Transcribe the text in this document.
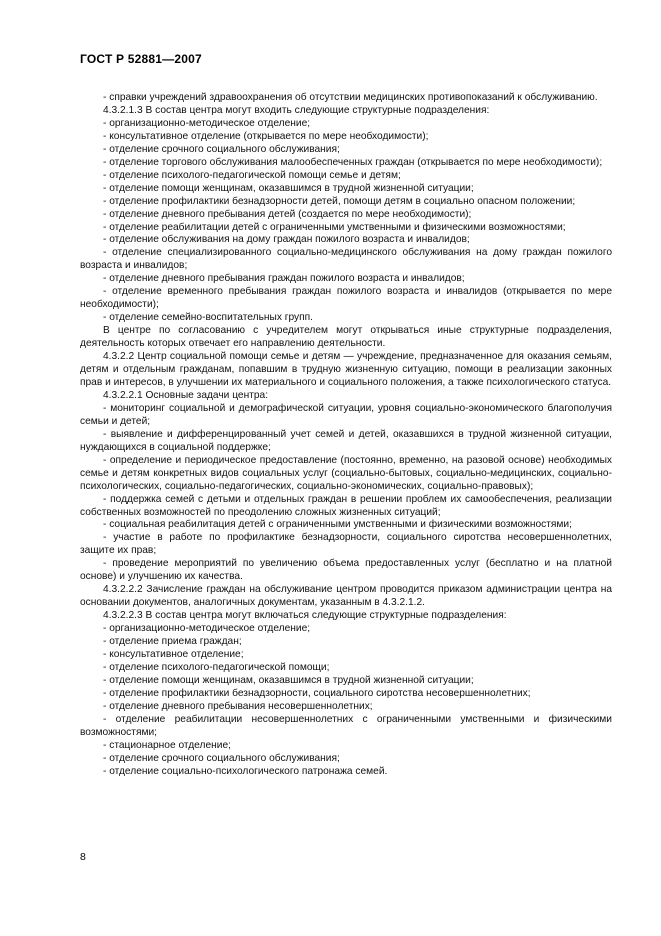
ГОСТ Р 52881—2007

- справки учреждений здравоохранения об отсутствии медицинских противопоказаний к обслуживанию.

4.3.2.1.3 В состав центра могут входить следующие структурные подразделения:

- организационно-методическое отделение;

- консультативное отделение (открывается по мере необходимости);

- отделение срочного социального обслуживания;

- отделение торгового обслуживания малообеспеченных граждан (открывается по мере необходимости);

- отделение психолого-педагогической помощи семье и детям;

- отделение помощи женщинам, оказавшимся в трудной жизненной ситуации;

- отделение профилактики безнадзорности детей, помощи детям в социально опасном положении;

- отделение дневного пребывания детей (создается по мере необходимости);

- отделение реабилитации детей с ограниченными умственными и физическими возможностями;

- отделение обслуживания на дому граждан пожилого возраста и инвалидов;

- отделение специализированного социально-медицинского обслуживания на дому граждан пожилого возраста и инвалидов;

- отделение дневного пребывания граждан пожилого возраста и инвалидов;

- отделение временного пребывания граждан пожилого возраста и инвалидов (открывается по мере необходимости);

- отделение семейно-воспитательных групп.

В центре по согласованию с учредителем могут открываться иные структурные подразделения, деятельность которых отвечает его направлению деятельности.

4.3.2.2 Центр социальной помощи семье и детям — учреждение, предназначенное для оказания семьям, детям и отдельным гражданам, попавшим в трудную жизненную ситуацию, помощи в реализации законных прав и интересов, в улучшении их материального и социального положения, а также психологического статуса.

4.3.2.2.1 Основные задачи центра:

- мониторинг социальной и демографической ситуации, уровня социально-экономического благополучия семьи и детей;

- выявление и дифференцированный учет семей и детей, оказавшихся в трудной жизненной ситуации, нуждающихся в социальной поддержке;

- определение и периодическое предоставление (постоянно, временно, на разовой основе) необходимых семье и детям конкретных видов социальных услуг (социально-бытовых, социально-медицинских, социально-психологических, социально-педагогических, социально-экономических, социально-правовых);

- поддержка семей с детьми и отдельных граждан в решении проблем их самообеспечения, реализации собственных возможностей по преодолению сложных жизненных ситуаций;

- социальная реабилитация детей с ограниченными умственными и физическими возможностями;

- участие в работе по профилактике безнадзорности, социального сиротства несовершеннолетних, защите их прав;

- проведение мероприятий по увеличению объема предоставленных услуг (бесплатно и на платной основе) и улучшению их качества.

4.3.2.2.2 Зачисление граждан на обслуживание центром проводится приказом администрации центра на основании документов, аналогичных документам, указанным в 4.3.2.1.2.

4.3.2.2.3 В состав центра могут включаться следующие структурные подразделения:

- организационно-методическое отделение;

- отделение приема граждан;

- консультативное отделение;

- отделение психолого-педагогической помощи;

- отделение помощи женщинам, оказавшимся в трудной жизненной ситуации;

- отделение профилактики безнадзорности, социального сиротства несовершеннолетних;

- отделение дневного пребывания несовершеннолетних;

- отделение реабилитации несовершеннолетних с ограниченными умственными и физическими возможностями;

- стационарное отделение;

- отделение срочного социального обслуживания;

- отделение социально-психологического патронажа семей.

8
